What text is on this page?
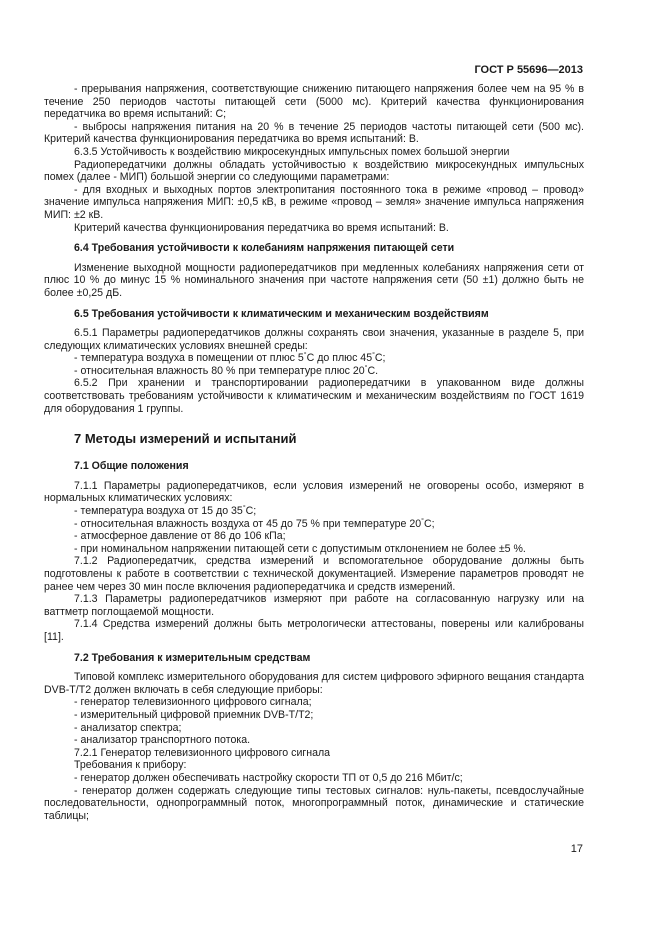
ГОСТ Р 55696—2013

- прерывания напряжения, соответствующие снижению питающего напряжения более чем на 95 % в течение 250 периодов частоты питающей сети (5000 мс). Критерий качества функционирования передатчика во время испытаний: С;

- выбросы напряжения питания на 20 % в течение 25 периодов частоты питающей сети (500 мс). Критерий качества функционирования передатчика во время испытаний: В.

6.3.5 Устойчивость к воздействию микросекундных импульсных помех большой энергии

Радиопередатчики должны обладать устойчивостью к воздействию микросекундных импульсных помех (далее - МИП) большой энергии со следующими параметрами:

- для входных и выходных портов электропитания постоянного тока в режиме «провод – провод» значение импульса напряжения МИП: ±0,5 кВ, в режиме «провод – земля» значение импульса напряжения МИП: ±2 кВ.

Критерий качества функционирования передатчика во время испытаний: В.

6.4 Требования устойчивости к колебаниям напряжения питающей сети

Изменение выходной мощности радиопередатчиков при медленных колебаниях напряжения сети от плюс 10 % до минус 15 % номинального значения при частоте напряжения сети (50 ±1) должно быть не более ±0,25 дБ.

6.5 Требования устойчивости к климатическим и механическим воздействиям

6.5.1 Параметры радиопередатчиков должны сохранять свои значения, указанные в разделе 5, при следующих климатических условиях внешней среды:

- температура воздуха в помещении от плюс 5°С до плюс 45°С;

- относительная влажность 80 % при температуре плюс 20°С.

6.5.2 При хранении и транспортировании радиопередатчики в упакованном виде должны соответствовать требованиям устойчивости к климатическим и механическим воздействиям по ГОСТ 1619 для оборудования 1 группы.

7 Методы измерений и испытаний

7.1 Общие положения

7.1.1 Параметры радиопередатчиков, если условия измерений не оговорены особо, измеряют в нормальных климатических условиях:

- температура воздуха от 15 до 35°С;

- относительная влажность воздуха от 45 до 75 % при температуре 20°С;

- атмосферное давление от 86 до 106 кПа;

- при номинальном напряжении питающей сети с допустимым отклонением не более ±5 %.

7.1.2 Радиопередатчик, средства измерений и вспомогательное оборудование должны быть подготовлены к работе в соответствии с технической документацией. Измерение параметров проводят не ранее чем через 30 мин после включения радиопередатчика и средств измерений.

7.1.3 Параметры радиопередатчиков измеряют при работе на согласованную нагрузку или на ваттметр поглощаемой мощности.

7.1.4 Средства измерений должны быть метрологически аттестованы, поверены или калиброваны [11].

7.2 Требования к измерительным средствам

Типовой комплекс измерительного оборудования для систем цифрового эфирного вещания стандарта DVB-T/T2 должен включать в себя следующие приборы:

- генератор телевизионного цифрового сигнала;

- измерительный цифровой приемник DVB-T/T2;

- анализатор спектра;

- анализатор транспортного потока.

7.2.1 Генератор телевизионного цифрового сигнала

Требования к прибору:

- генератор должен обеспечивать настройку скорости ТП от 0,5 до 216 Мбит/с;

- генератор должен содержать следующие типы тестовых сигналов: нуль-пакеты, псевдослучайные последовательности, однопрограммный поток, многопрограммный поток, динамические и статические таблицы;

17
